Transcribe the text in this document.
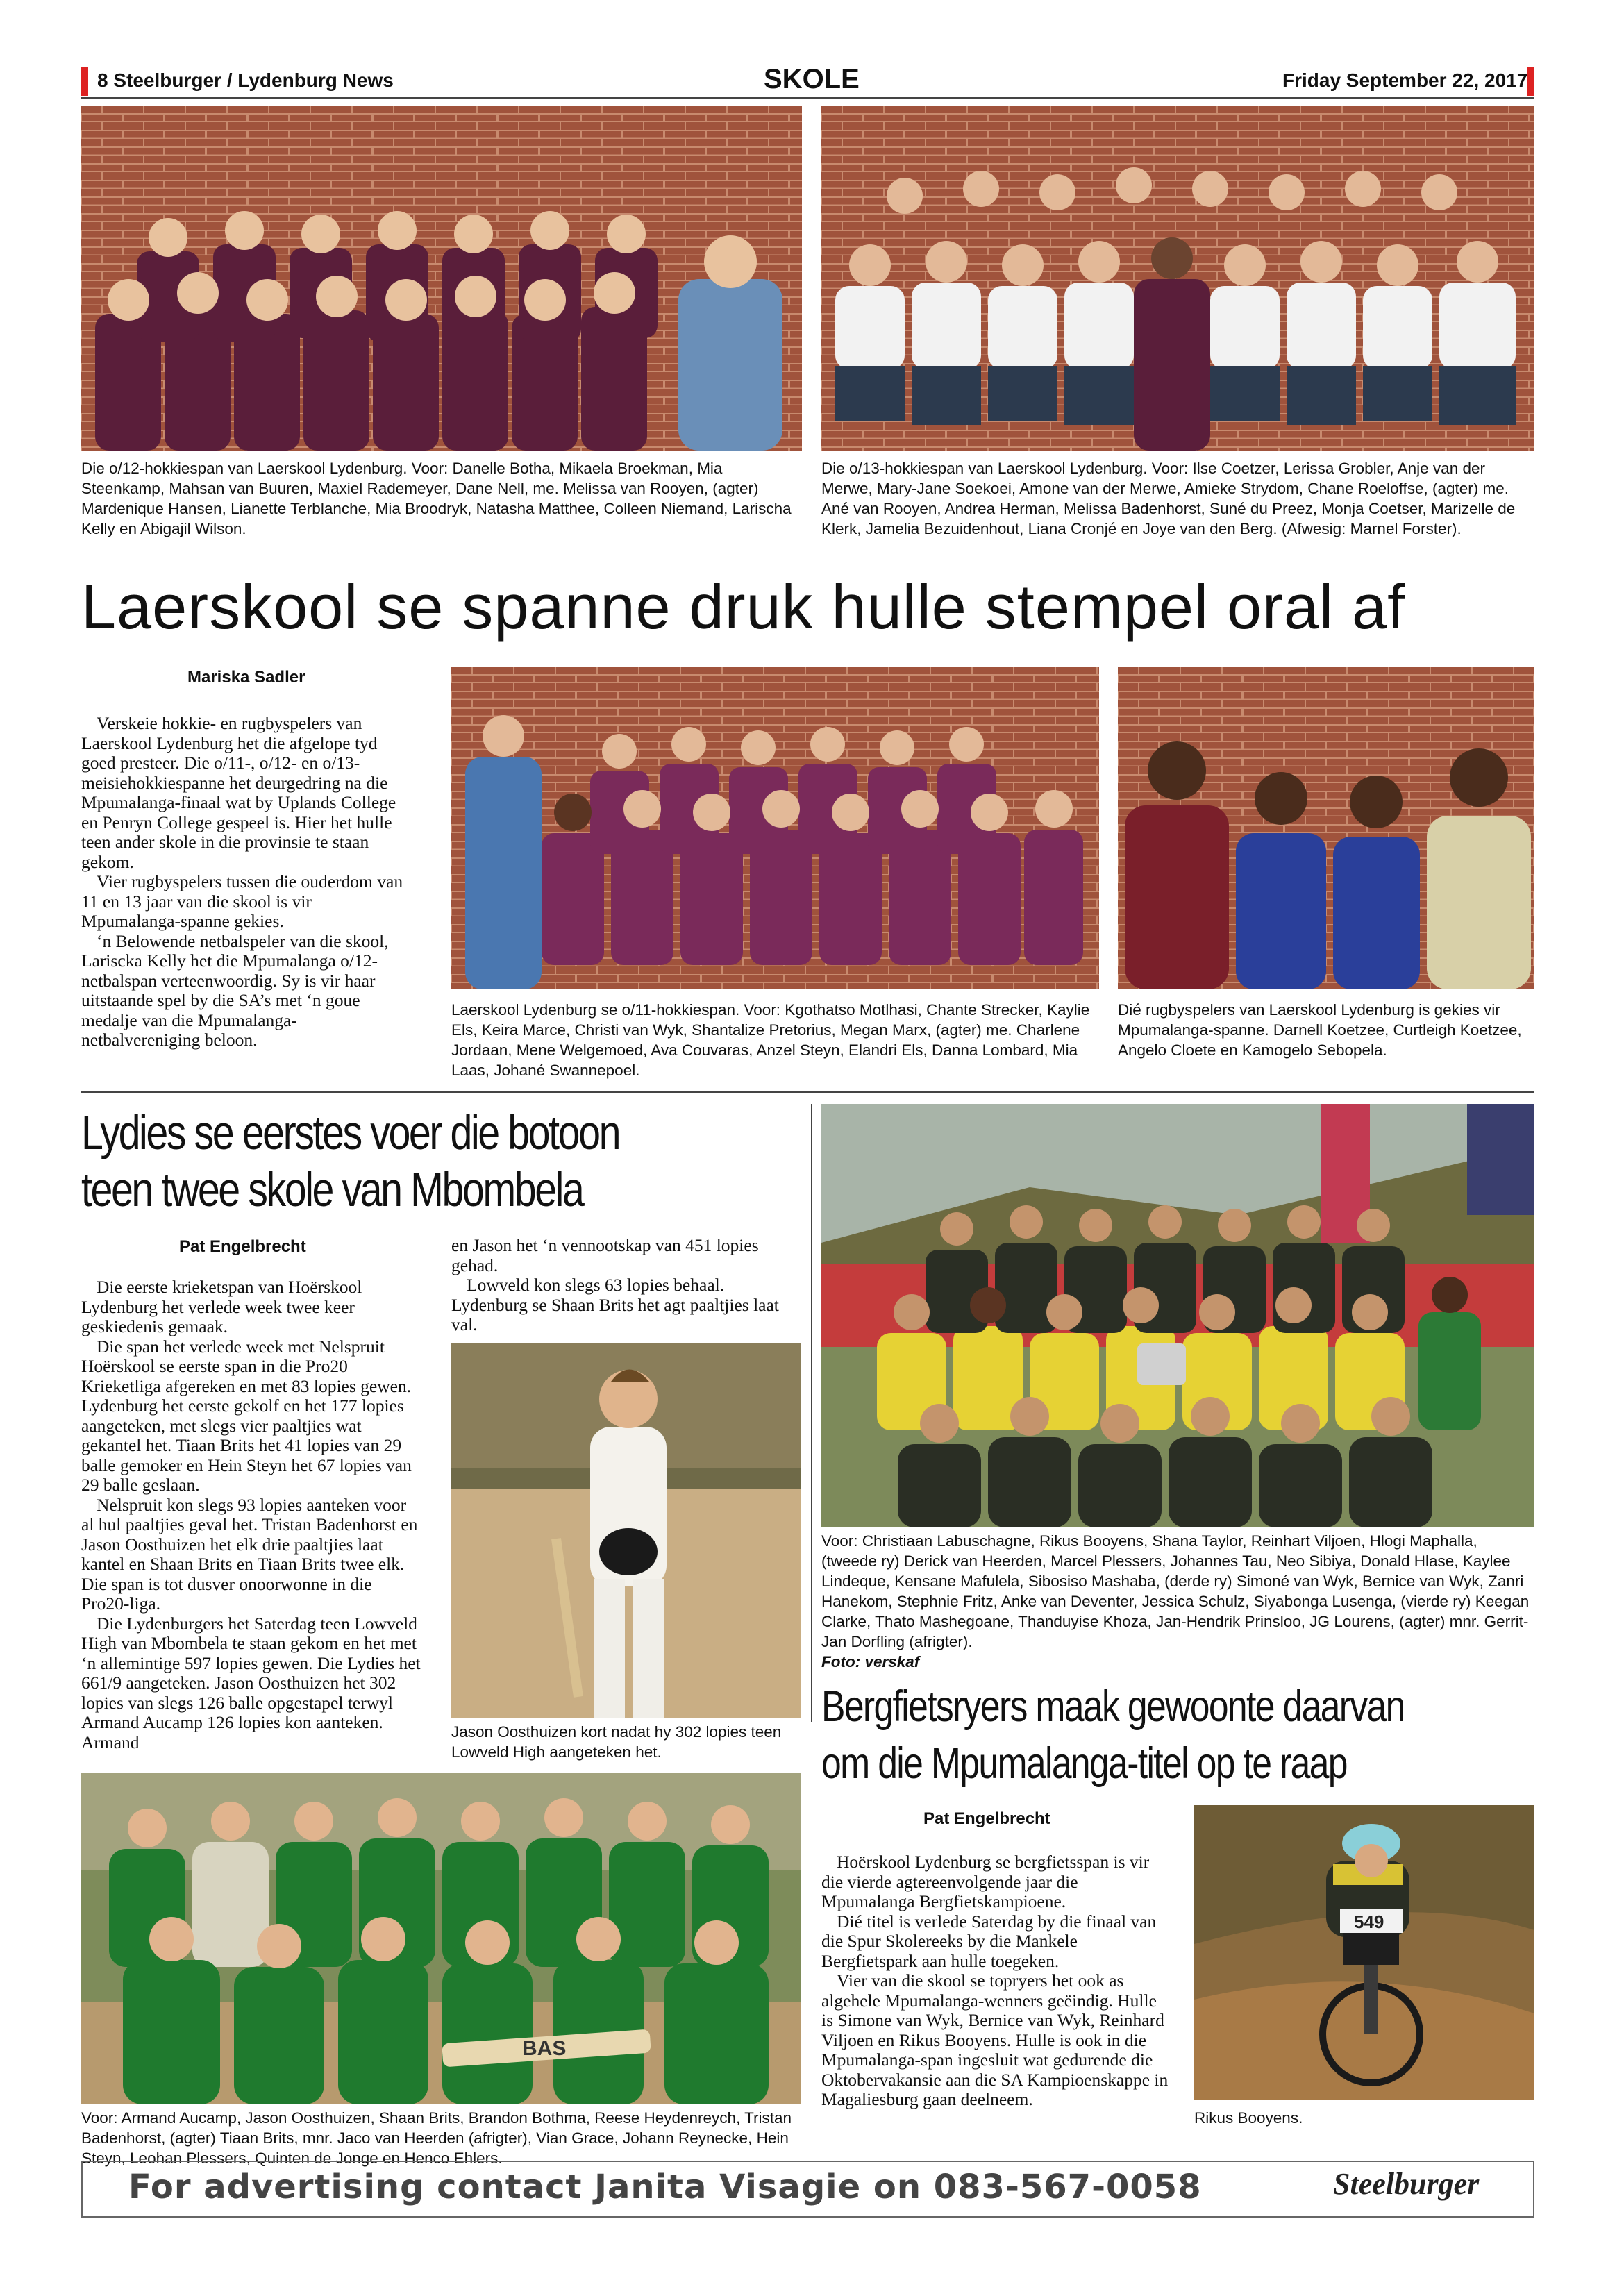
8 Steelburger / Lydenburg News	SKOLE	Friday September 22, 2017
Die o/12-hokkiespan van Laerskool Lydenburg. Voor: Danelle Botha, Mikaela Broekman, Mia Steenkamp, Mahsan van Buuren, Maxiel Rademeyer, Dane Nell, me. Melissa van Rooyen, (agter) Mardenique Hansen, Lianette Terblanche, Mia Broodryk, Natasha Matthee, Colleen Niemand, Larischa Kelly en Abigajil Wilson.
Die o/13-hokkiespan van Laerskool Lydenburg. Voor: Ilse Coetzer, Lerissa Grobler, Anje van der Merwe, Mary-Jane Soekoei, Amone van der Merwe, Amieke Strydom, Chane Roeloffse, (agter) me. Ané van Rooyen, Andrea Herman, Melissa Badenhorst, Suné du Preez, Monja Coetser, Marizelle de Klerk, Jamelia Bezuidenhout, Liana Cronjé en Joye van den Berg. (Afwesig: Marnel Forster).
Laerskool se spanne druk hulle stempel oral af
Mariska Sadler

Verskeie hokkie- en rugbyspelers van Laerskool Lydenburg het die afgelope tyd goed presteer. Die o/11-, o/12- en o/13-meisiehokkiespanne het deurgedring na die Mpumalanga-finaal wat by Uplands College en Penryn College gespeel is. Hier het hulle teen ander skole in die provinsie te staan gekom.

Vier rugbyspelers tussen die ouderdom van 11 en 13 jaar van die skool is vir Mpumalanga-spanne gekies.

‘n Belowende netbalspeler van die skool, Larisckа Kelly het die Mpumalanga o/12-netbalspan verteenwoordig. Sy is vir haar uitstaande spel by die SA’s met ‘n goue medalje van die Mpumalanga-netbalvereniging beloon.

Laerskool Lydenburg se o/11-hokkiespan. Voor: Kgothatso Motlhasi, Chante Strecker, Kaylie Els, Keira Marce, Christi van Wyk, Shantalize Pretorius, Megan Marx, (agter) me. Charlene Jordaan, Mene Welgemoed, Ava Couvaras, Anzel Steyn, Elandri Els, Danna Lombard, Mia Laas, Johané Swannepoel.
Dié rugbyspelers van Laerskool Lydenburg is gekies vir Mpumalanga-spanne. Darnell Koetzee, Curtleigh Koetzee, Angelo Cloete en Kamogelo Sebopela.
Lydies se eerstes voer die botoon
teen twee skole van Mbombela
Pat Engelbrecht

Die eerste krieketspan van Hoërskool Lydenburg het verlede week twee keer geskiedenis gemaak.

Die span het verlede week met Nelspruit Hoërskool se eerste span in die Pro20 Krieketliga afgereken en met 83 lopies gewen. Lydenburg het eerste gekolf en het 177 lopies aangeteken, met slegs vier paaltjies wat gekantel het. Tiaan Brits het 41 lopies van 29 balle gemoker en Hein Steyn het 67 lopies van 29 balle geslaan.

Nelspruit kon slegs 93 lopies aanteken voor al hul paaltjies geval het. Tristan Badenhorst en Jason Oosthuizen het elk drie paaltjies laat kantel en Shaan Brits en Tiaan Brits twee elk. Die span is tot dusver onoorwonne in die Pro20-liga.

Die Lydenburgers het Saterdag teen Lowveld High van Mbombela te staan gekom en het met ‘n allemintige 597 lopies gewen. Die Lydies het 661/9 aangeteken. Jason Oosthuizen het 302 lopies van slegs 126 balle opgestapel terwyl Armand Aucamp 126 lopies kon aanteken. Armand

en Jason het ‘n vennootskap van 451 lopies gehad.

Lowveld kon slegs 63 lopies behaal. Lydenburg se Shaan Brits het agt paaltjies laat val.

Jason Oosthuizen kort nadat hy 302 lopies teen Lowveld High aangeteken het.
BAS
Voor: Armand Aucamp, Jason Oosthuizen, Shaan Brits, Brandon Bothma, Reese Heydenreych, Tristan Badenhorst, (agter) Tiaan Brits, mnr. Jaco van Heerden (afrigter), Vian Grace, Johann Reynecke, Hein Steyn, Leohan Plessers, Quinten de Jonge en Henco Ehlers.
Voor: Christiaan Labuschagne, Rikus Booyens, Shana Taylor, Reinhart Viljoen, Hlogi Maphalla, (tweede ry) Derick van Heerden, Marcel Plessers, Johannes Tau, Neo Sibiya, Donald Hlase, Kaylee Lindeque, Kensane Mafulela, Sibosiso Mashaba, (derde ry) Simoné van Wyk, Bernice van Wyk, Zanri Hanekom, Stephnie Fritz, Anke van Deventer, Jessica Schulz, Siyabonga Lusenga, (vierde ry) Keegan Clarke, Thato Mashegoane, Thanduyise Khoza, Jan-Hendrik Prinsloo, JG Lourens, (agter) mnr. Gerrit-Jan Dorfling (afrigter).
Foto: verskaf
Bergfietsryers maak gewoonte daarvan
om die Mpumalanga-titel op te raap
Pat Engelbrecht

Hoërskool Lydenburg se bergfietsspan is vir die vierde agtereenvolgende jaar die Mpumalanga Bergfietskampioene.

Dié titel is verlede Saterdag by die finaal van die Spur Skolereeks by die Mankele Bergfietspark aan hulle toegeken.

Vier van die skool se topryers het ook as algehele Mpumalanga-wenners geëindig. Hulle is Simone van Wyk, Bernice van Wyk, Reinhard Viljoen en Rikus Booyens. Hulle is ook in die Mpumalanga-span ingesluit wat gedurende die Oktobervakansie aan die SA Kampioenskappe in Magaliesburg gaan deelneem.

549
Rikus Booyens.
For advertising contact Janita Visagie on 083-567-0058	Steelburger
